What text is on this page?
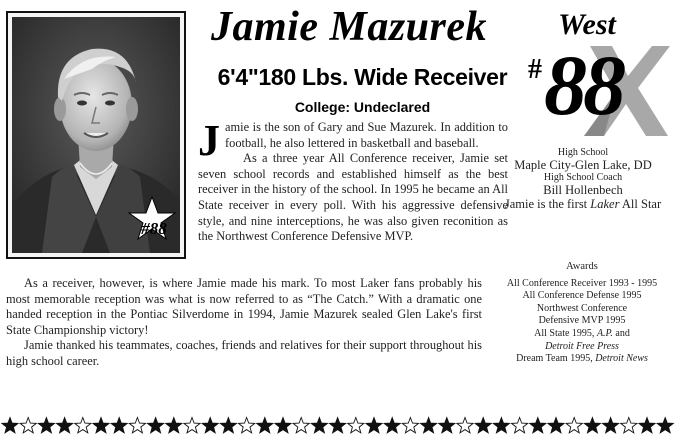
#88
Jamie Mazurek
6'4"180 Lbs. Wide Receiver
College: Undeclared
West
# 88

Jamie is the son of Gary and Sue Mazurek. In addition to football, he also lettered in basketball and baseball.

As a three year All Conference receiver, Jamie set seven school records and established himself as the best receiver in the history of the school. In 1995 he became an All State receiver in every poll. With his aggressive defensive style, and nine interceptions, he was also given reconition as the Northwest Conference Defensive MVP.

As a receiver, however, is where Jamie made his mark. To most Laker fans probably his most memorable reception was what is now referred to as “The Catch.” With a dramatic one handed reception in the Pontiac Silverdome in 1994, Jamie Mazurek sealed Glen Lake's first State Championship victory!

Jamie thanked his teammates, coaches, friends and relatives for their support throughout his high school career.

High School
Maple City-Glen Lake, DD
High School Coach
Bill Hollenbech
Jamie is the first Laker All Star
Awards
All Conference Receiver 1993 - 1995
All Conference Defense 1995
Northwest Conference
Defensive MVP 1995
All State 1995, A.P. and
Detroit Free Press
Dream Team 1995, Detroit News
